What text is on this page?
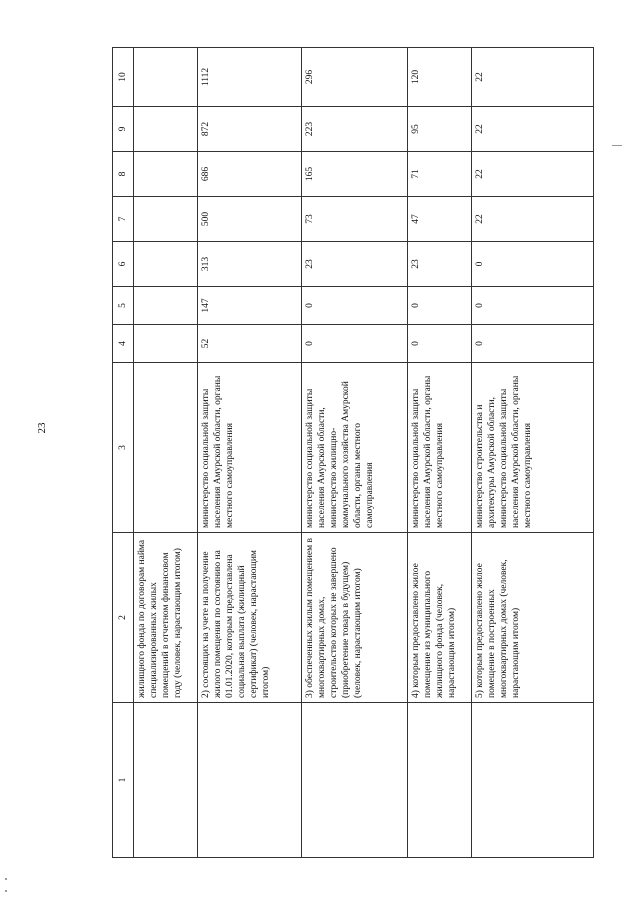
23
1	2	3	4	5	6	7	8	9	10
	жилищного фонда по договорам найма специализированных жилых помещений в отчетном финансовом году (человек, нарастающим итогом)								
	2) состоящих на учете на получение жилого помещения по состоянию на 01.01.2020, которым предоставлена социальная выплата (жилищный сертификат) (человек, нарастающим итогом)	министерство социальной защиты населения Амурской области, органы местного самоуправления	52	147	313	500	686	872	1112
	3) обеспеченных жилым помещением в многоквартирных домах, строительство которых не завершено (приобретение товара в будущем) (человек, нарастающим итогом)	министерство социальной защиты населения Амурской области, министерство жилищно-коммунального хозяйства Амурской области, органы местного самоуправления	0	0	23	73	165	223	296
	4) которым предоставлено жилое помещение из муниципального жилищного фонда (человек, нарастающим итогом)	министерство социальной защиты населения Амурской области, органы местного самоуправления	0	0	23	47	71	95	120
	5) которым предоставлено жилое помещение в построенных многоквартирных домах (человек, нарастающим итогом)	министерство строительства и архитектуры Амурской области, министерство социальной защиты населения Амурской области, органы местного самоуправления	0	0	0	22	22	22	22
